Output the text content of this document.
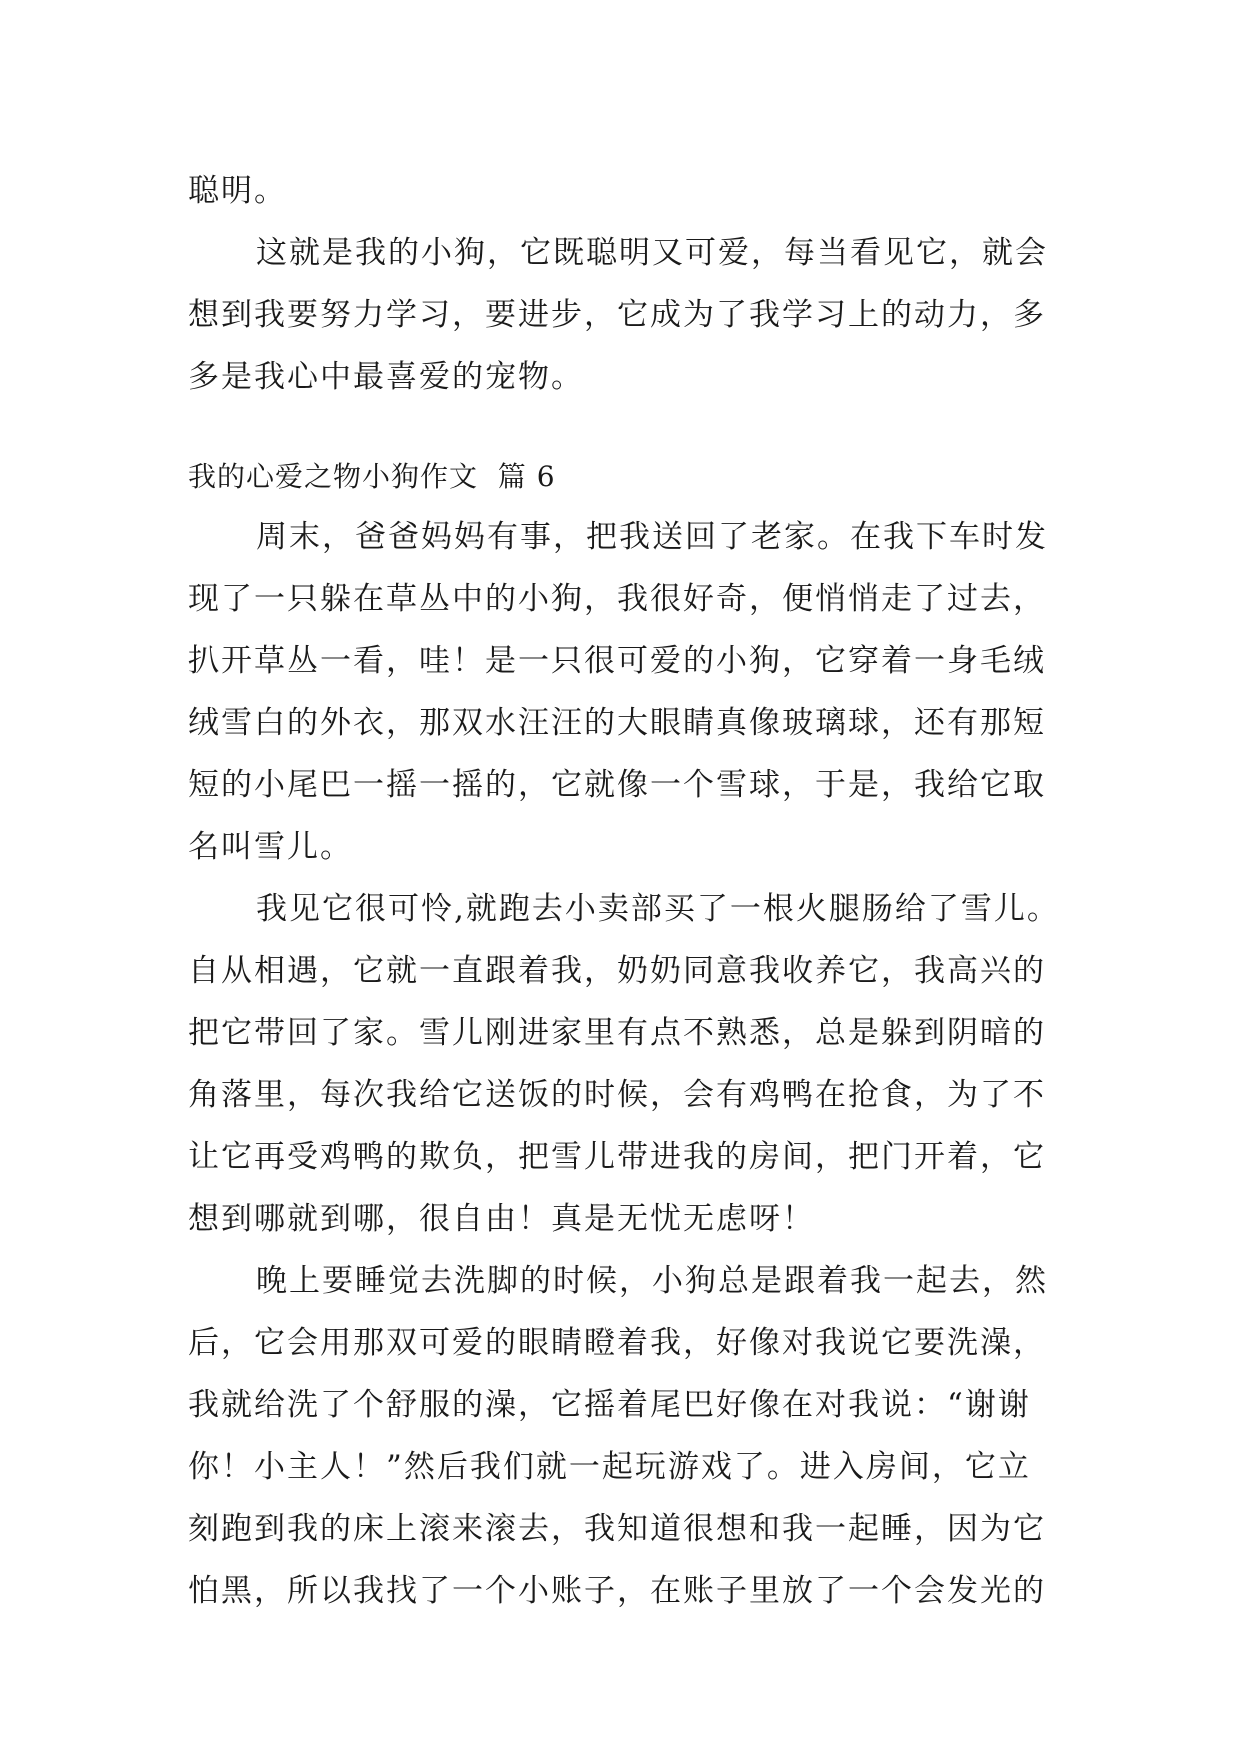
聪明。
这就是我的小狗，它既聪明又可爱，每当看见它，就会
想到我要努力学习，要进步，它成为了我学习上的动力，多
多是我心中最喜爱的宠物。
我的心爱之物小狗作文  篇 6
周末，爸爸妈妈有事，把我送回了老家。在我下车时发
现了一只躲在草丛中的小狗，我很好奇，便悄悄走了过去，
扒开草丛一看，哇！是一只很可爱的小狗，它穿着一身毛绒
绒雪白的外衣，那双水汪汪的大眼睛真像玻璃球，还有那短
短的小尾巴一摇一摇的，它就像一个雪球，于是，我给它取
名叫雪儿。
我见它很可怜,就跑去小卖部买了一根火腿肠给了雪儿。
自从相遇，它就一直跟着我，奶奶同意我收养它，我高兴的
把它带回了家。雪儿刚进家里有点不熟悉，总是躲到阴暗的
角落里，每次我给它送饭的时候，会有鸡鸭在抢食，为了不
让它再受鸡鸭的欺负，把雪儿带进我的房间，把门开着，它
想到哪就到哪，很自由！真是无忧无虑呀！
晚上要睡觉去洗脚的时候，小狗总是跟着我一起去，然
后，它会用那双可爱的眼睛瞪着我，好像对我说它要洗澡，
我就给洗了个舒服的澡，它摇着尾巴好像在对我说：“谢谢
你！小主人！”然后我们就一起玩游戏了。进入房间，它立
刻跑到我的床上滚来滚去，我知道很想和我一起睡，因为它
怕黑，所以我找了一个小账子，在账子里放了一个会发光的
